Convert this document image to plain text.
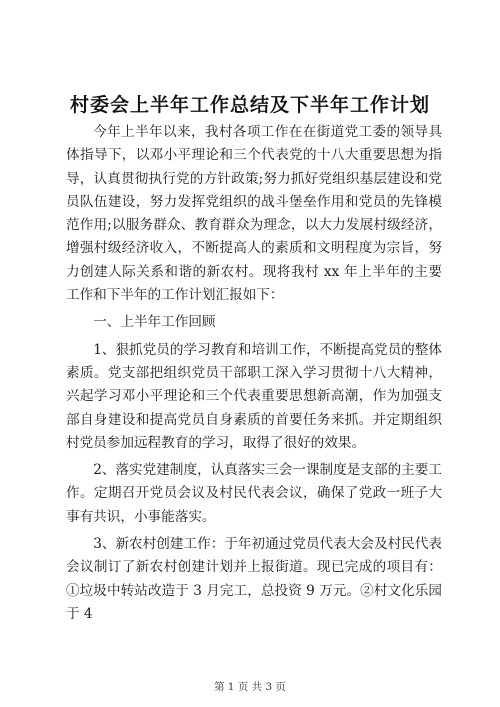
村委会上半年工作总结及下半年工作计划

今年上半年以来，我村各项工作在在街道党工委的领导具体指导下，以邓小平理论和三个代表党的十八大重要思想为指导，认真贯彻执行党的方针政策;努力抓好党组织基层建设和党员队伍建设，努力发挥党组织的战斗堡垒作用和党员的先锋模范作用;以服务群众、教育群众为理念，以大力发展村级经济，增强村级经济收入，不断提高人的素质和文明程度为宗旨，努力创建人际关系和谐的新农村。现将我村 xx 年上半年的主要工作和下半年的工作计划汇报如下：

一、上半年工作回顾

1、狠抓党员的学习教育和培训工作，不断提高党员的整体素质。党支部把组织党员干部职工深入学习贯彻十八大精神，兴起学习邓小平理论和三个代表重要思想新高潮，作为加强支部自身建设和提高党员自身素质的首要任务来抓。并定期组织村党员参加远程教育的学习，取得了很好的效果。

2、落实党建制度，认真落实三会一课制度是支部的主要工作。定期召开党员会议及村民代表会议，确保了党政一班子大事有共识，小事能落实。

3、新农村创建工作：于年初通过党员代表大会及村民代表会议制订了新农村创建计划并上报街道。现已完成的项目有：①垃圾中转站改造于 3 月完工，总投资 9 万元。②村文化乐园于 4

第 1 页 共 3 页
